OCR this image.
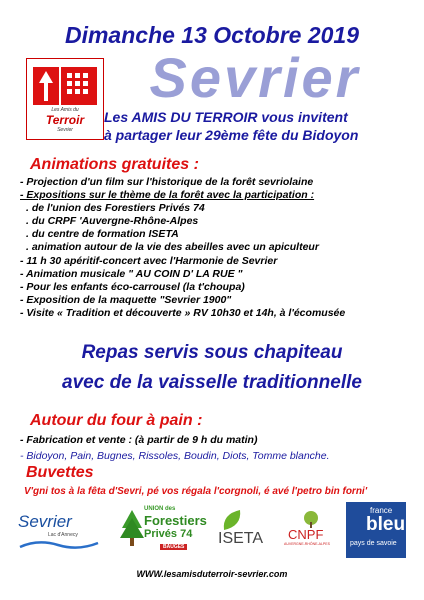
Dimanche 13 Octobre 2019
Sevrier
Les Amis du
Terroir
Sevrier
Les AMIS DU TERROIR vous invitent
à partager leur 29ème fête du Bidoyon
Animations gratuites :
- Projection d'un film sur l'historique de la forêt sevriolaine
- Expositions sur le thème de la forêt avec la participation :
. de l'union des Forestiers Privés 74
. du CRPF 'Auvergne-Rhône-Alpes
. du centre de formation ISETA
. animation autour de la vie des abeilles avec un apiculteur
- 11 h 30 apéritif-concert avec l'Harmonie de Sevrier
- Animation musicale " AU COIN D' LA RUE "
- Pour les enfants éco-carrousel (la t'choupa)
- Exposition de la maquette "Sevrier 1900"
- Visite « Tradition et découverte » RV 10h30 et 14h, à l'écomusée
Repas servis sous chapiteau
avec de la vaisselle traditionnelle
Autour du four à pain :
- Fabrication et vente : (à partir de 9 h du matin)
- Bidoyon, Pain, Bugnes, Rissoles, Boudin, Diots, Tomme blanche.
Buvettes
V'gni tos à la fêta d'Sevri, pé vos régala l'corgnoli, é avé l'petro bin forni'
Sevrier
Lac d'Annecy
UNION des
Forestiers
Privés 74
BAUGES ISETA CNPF
AUVERGNE-RHÔNE-ALPES
france
bleu
pays de savoie
WWW.lesamisduterroir-sevrier.com
